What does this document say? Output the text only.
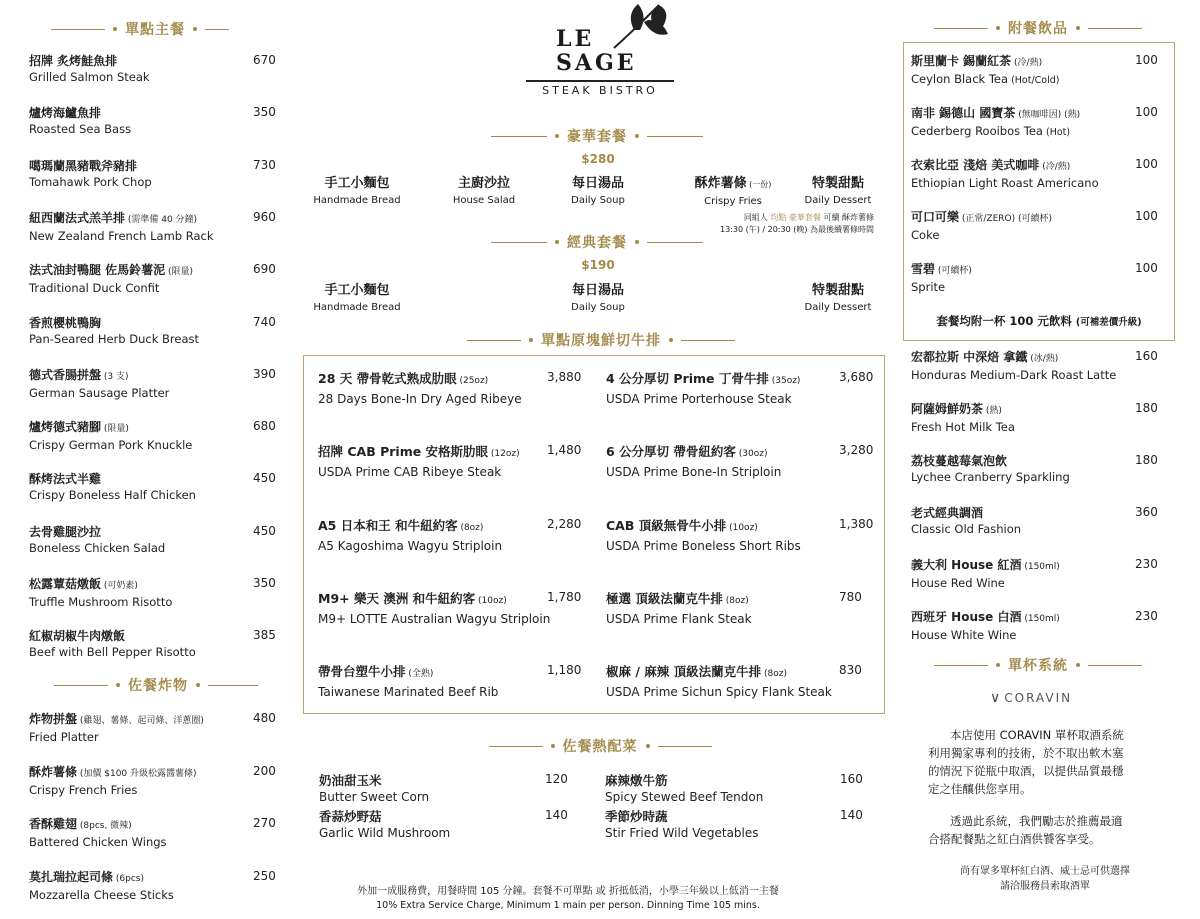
單點主餐
招牌 炙烤鮭魚排
Grilled Salmon Steak
670
爐烤海鱸魚排
Roasted Sea Bass
350
噶瑪蘭黑豬戰斧豬排
Tomahawk Pork Chop
730
紐西蘭法式羔羊排 (需準備 40 分鐘)
New Zealand French Lamb Rack
960
法式油封鴨腿 佐馬鈴薯泥 (限量)
Traditional Duck Confit
690
香煎櫻桃鴨胸
Pan-Seared Herb Duck Breast
740
德式香腸拼盤 (3 支)
German Sausage Platter
390
爐烤德式豬腳 (限量)
Crispy German Pork Knuckle
680
酥烤法式半雞
Crispy Boneless Half Chicken
450
去骨雞腿沙拉
Boneless Chicken Salad
450
松露蕈菇燉飯 (可奶素)
Truffle Mushroom Risotto
350
紅椒胡椒牛肉燉飯
Beef with Bell Pepper Risotto
385
佐餐炸物
炸物拼盤 (雞翅、薯條、起司條、洋蔥圈)
Fried Platter
480
酥炸薯條 (加價 $100 升級松露醬薯條)
Crispy French Fries
200
香酥雞翅 (8pcs, 微辣)
Battered Chicken Wings
270
莫扎瑞拉起司條 (6pcs)
Mozzarella Cheese Sticks
250
LE
SAGE
STEAK BISTRO
豪華套餐
$280
手工小麵包
Handmade Bread
主廚沙拉
House Salad
每日湯品
Daily Soup
酥炸薯條 (一份)
Crispy Fries
特製甜點
Daily Dessert
同組人 均點 豪華套餐 可續 酥炸薯條
13:30 (午) / 20:30 (晚) 為最後續薯條時間
經典套餐
$190
手工小麵包
Handmade Bread
每日湯品
Daily Soup
特製甜點
Daily Dessert
單點原塊鮮切牛排
28 天 帶骨乾式熟成肋眼 (25oz)
28 Days Bone-In Dry Aged Ribeye
3,880 4 公分厚切 Prime 丁骨牛排 (35oz)
USDA Prime Porterhouse Steak
3,680
招牌 CAB Prime 安格斯肋眼 (12oz)
USDA Prime CAB Ribeye Steak
1,480 6 公分厚切 帶骨紐約客 (30oz)
USDA Prime Bone-In Striploin
3,280
A5 日本和王 和牛紐約客 (8oz)
A5 Kagoshima Wagyu Striploin
2,280 CAB 頂級無骨牛小排 (10oz)
USDA Prime Boneless Short Ribs
1,380
M9+ 樂天 澳洲 和牛紐約客 (10oz)
M9+ LOTTE Australian Wagyu Striploin
1,780 極選 頂級法蘭克牛排 (8oz)
USDA Prime Flank Steak
780
帶骨台塑牛小排 (全熟)
Taiwanese Marinated Beef Rib
1,180 椒麻 / 麻辣 頂級法蘭克牛排 (8oz)
USDA Prime Sichun Spicy Flank Steak
830
佐餐熱配菜
奶油甜玉米
Butter Sweet Corn
120	麻辣燉牛筋
Spicy Stewed Beef Tendon
160
香蒜炒野菇
Garlic Wild Mushroom
140	季節炒時蔬
Stir Fried Wild Vegetables
140
外加一成服務費，用餐時間 105 分鐘。套餐不可單點 或 折抵低消，小學三年級以上低消一主餐
10% Extra Service Charge, Minimum 1 main per person. Dinning Time 105 mins.
附餐飲品
斯里蘭卡 錫蘭紅茶 (冷/熱)
Ceylon Black Tea (Hot/Cold)
100
南非 錫德山 國寶茶 (無咖啡因) (熱)
Cederberg Rooibos Tea (Hot)
100
衣索比亞 淺焙 美式咖啡 (冷/熱)
Ethiopian Light Roast Americano
100
可口可樂 (正常/ZERO) (可續杯)
Coke
100
雪碧 (可續杯)
Sprite
100
套餐均附一杯 100 元飲料 (可補差價升級)
宏都拉斯 中深焙 拿鐵 (冰/熱)
Honduras Medium-Dark Roast Latte
160
阿薩姆鮮奶茶 (熱)
Fresh Hot Milk Tea
180
荔枝蔓越莓氣泡飲
Lychee Cranberry Sparkling
180
老式經典調酒
Classic Old Fashion
360
義大利 House 紅酒 (150ml)
House Red Wine
230
西班牙 House 白酒 (150ml)
House White Wine
230
單杯系統
∨ CORAVIN
本店使用 CORAVIN 單杯取酒系統
利用獨家專利的技術，於不取出軟木塞
的情況下從瓶中取酒，以提供品質最穩
定之佳釀供您享用。
透過此系統，我們勵志於推薦最適
合搭配餐點之紅白酒供饕客享受。
尚有眾多單杯紅白酒、威士忌可供選擇
請洽服務員索取酒單
